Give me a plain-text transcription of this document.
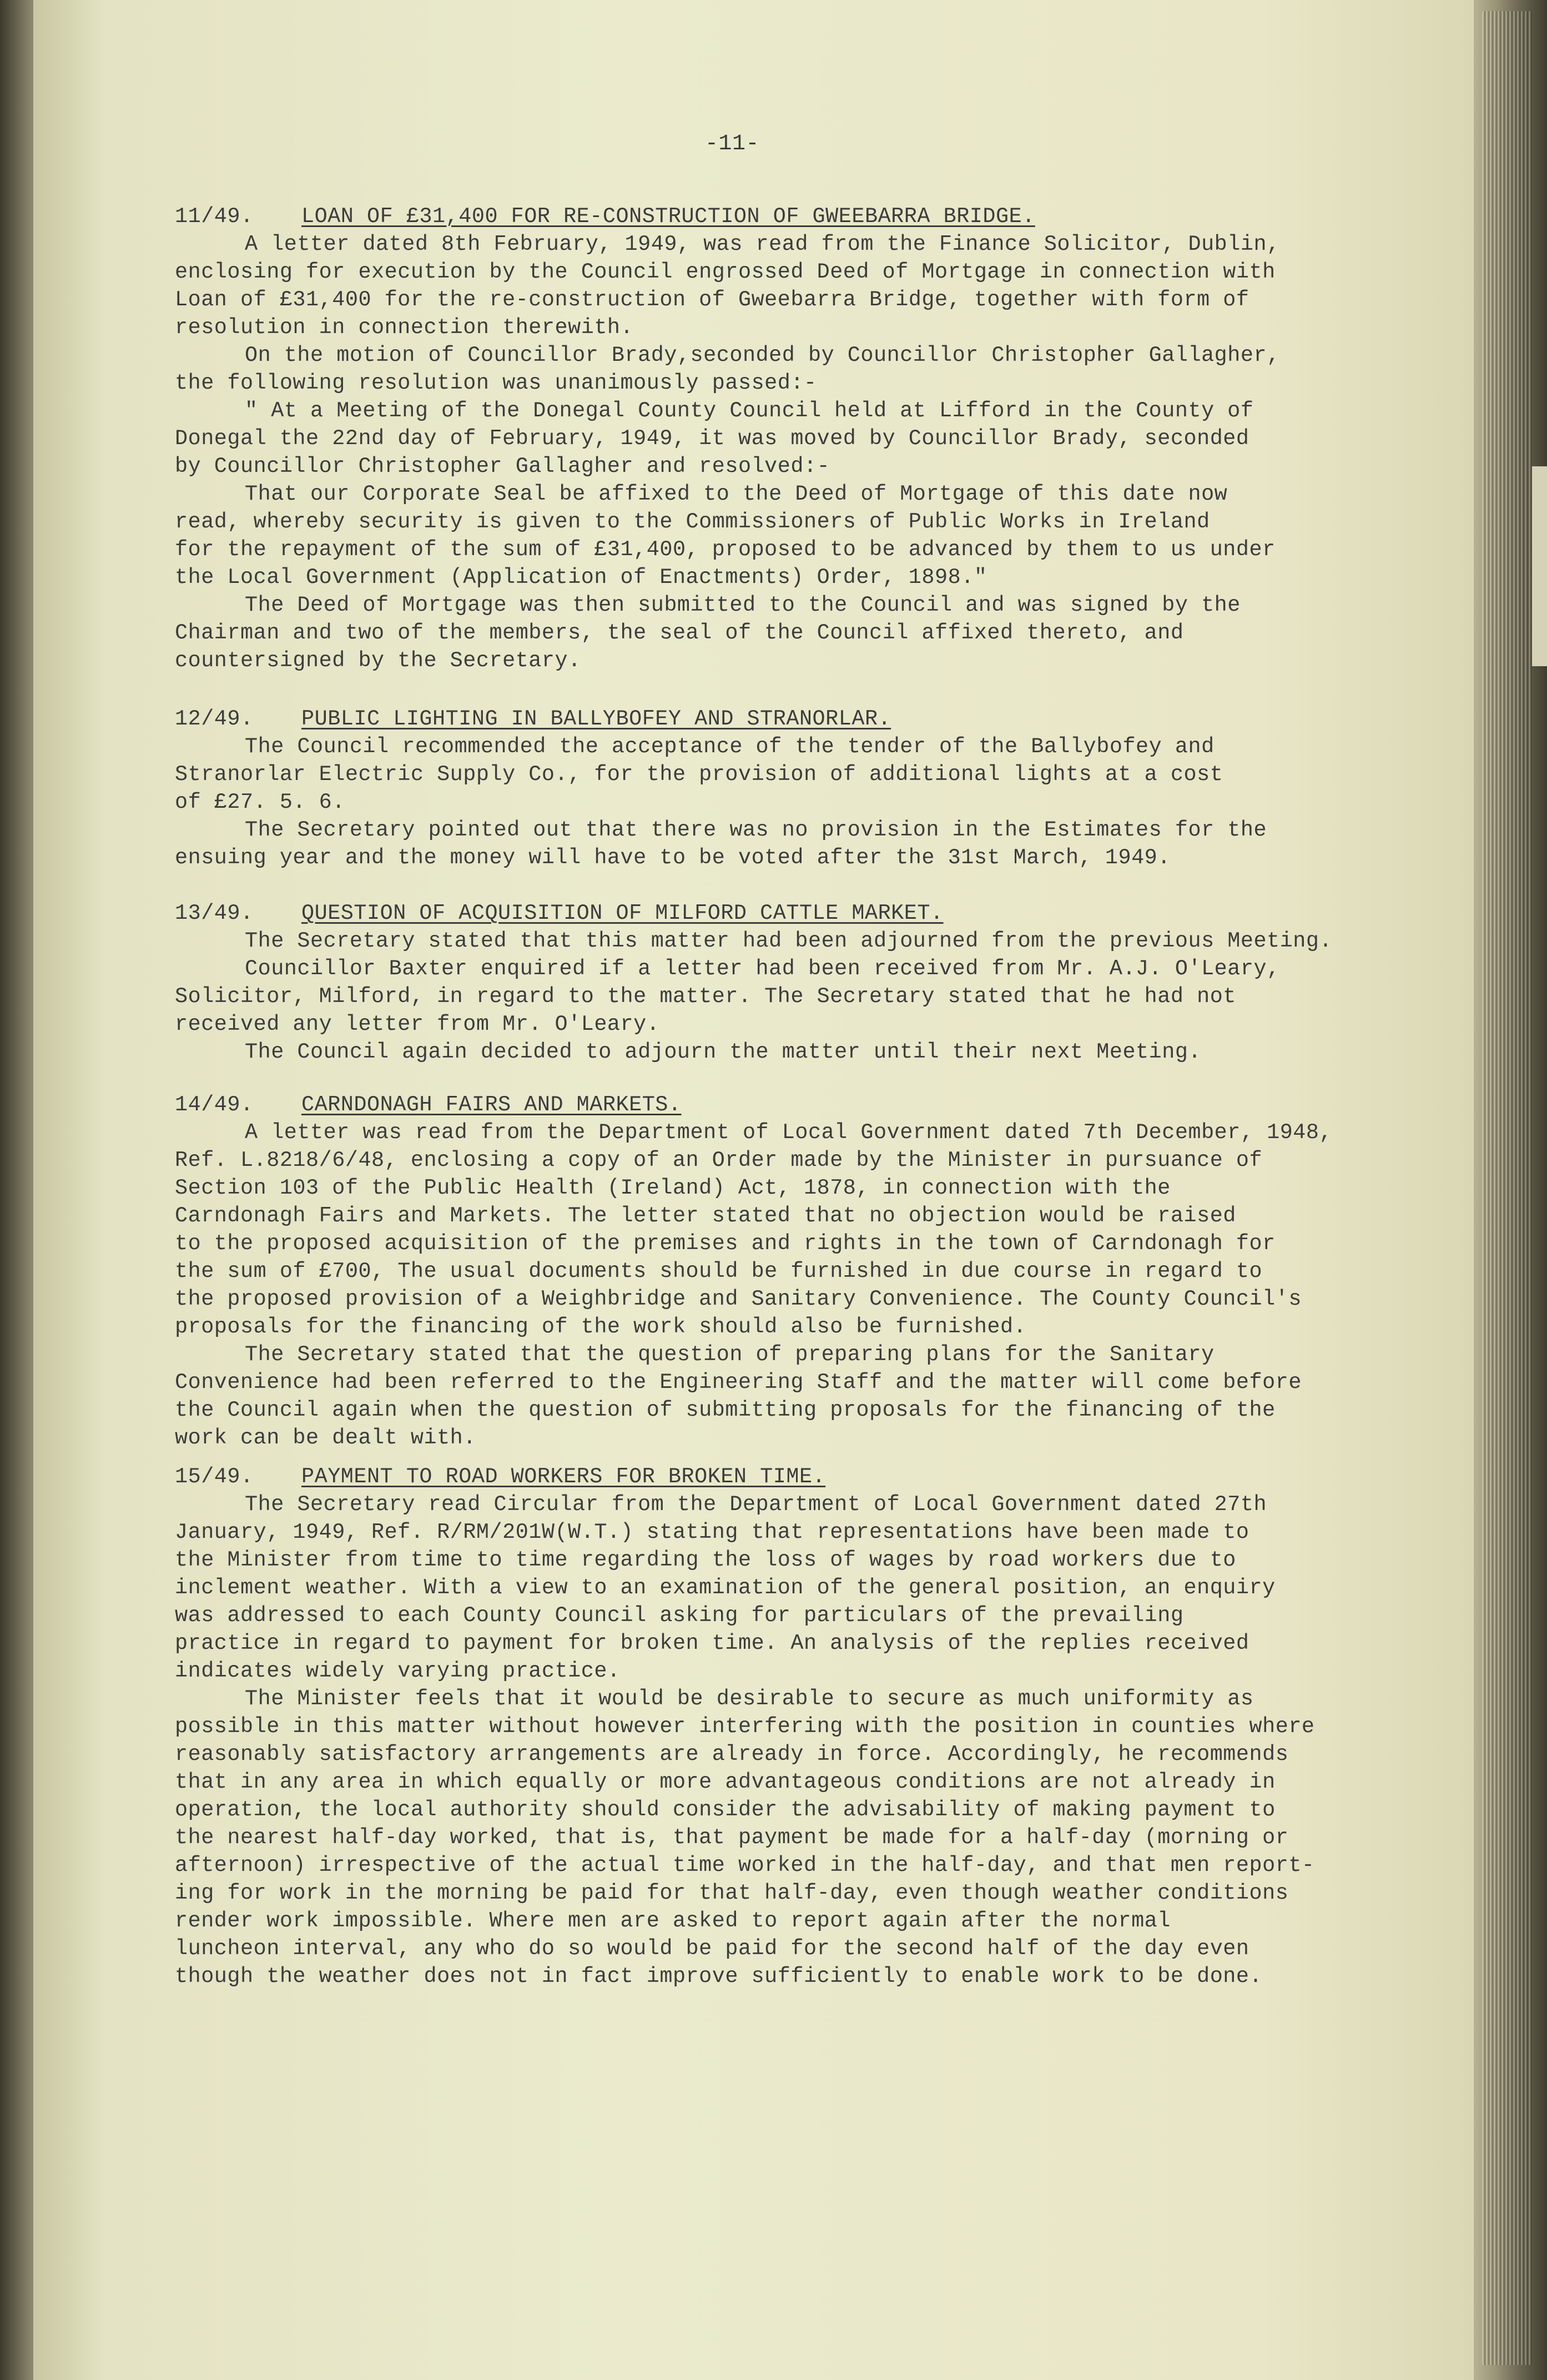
-11-
11/49. LOAN OF £31,400 FOR RE-CONSTRUCTION OF GWEEBARRA BRIDGE.

A letter dated 8th February, 1949, was read from the Finance Solicitor, Dublin,
enclosing for execution by the Council engrossed Deed of Mortgage in connection with
Loan of £31,400 for the re-construction of Gweebarra Bridge, together with form of
resolution in connection therewith.

On the motion of Councillor Brady,seconded by Councillor Christopher Gallagher,
the following resolution was unanimously passed:-

" At a Meeting of the Donegal County Council held at Lifford in the County of
Donegal the 22nd day of February, 1949, it was moved by Councillor Brady, seconded
by Councillor Christopher Gallagher and resolved:-

That our Corporate Seal be affixed to the Deed of Mortgage of this date now
read, whereby security is given to the Commissioners of Public Works in Ireland
for the repayment of the sum of £31,400, proposed to be advanced by them to us under
the Local Government (Application of Enactments) Order, 1898."

The Deed of Mortgage was then submitted to the Council and was signed by the
Chairman and two of the members, the seal of the Council affixed thereto, and
countersigned by the Secretary.

12/49. PUBLIC LIGHTING IN BALLYBOFEY AND STRANORLAR.

The Council recommended the acceptance of the tender of the Ballybofey and
Stranorlar Electric Supply Co., for the provision of additional lights at a cost
of £27. 5. 6.

The Secretary pointed out that there was no provision in the Estimates for the
ensuing year and the money will have to be voted after the 31st March, 1949.

13/49. QUESTION OF ACQUISITION OF MILFORD CATTLE MARKET.

The Secretary stated that this matter had been adjourned from the previous Meeting.

Councillor Baxter enquired if a letter had been received from Mr. A.J. O'Leary,
Solicitor, Milford, in regard to the matter. The Secretary stated that he had not
received any letter from Mr. O'Leary.

The Council again decided to adjourn the matter until their next Meeting.

14/49. CARNDONAGH FAIRS AND MARKETS.

A letter was read from the Department of Local Government dated 7th December, 1948,
Ref. L.8218/6/48, enclosing a copy of an Order made by the Minister in pursuance of
Section 103 of the Public Health (Ireland) Act, 1878, in connection with the
Carndonagh Fairs and Markets. The letter stated that no objection would be raised
to the proposed acquisition of the premises and rights in the town of Carndonagh for
the sum of £700, The usual documents should be furnished in due course in regard to
the proposed provision of a Weighbridge and Sanitary Convenience. The County Council's
proposals for the financing of the work should also be furnished.

The Secretary stated that the question of preparing plans for the Sanitary
Convenience had been referred to the Engineering Staff and the matter will come before
the Council again when the question of submitting proposals for the financing of the
work can be dealt with.

15/49. PAYMENT TO ROAD WORKERS FOR BROKEN TIME.

The Secretary read Circular from the Department of Local Government dated 27th
January, 1949, Ref. R/RM/201W(W.T.) stating that representations have been made to
the Minister from time to time regarding the loss of wages by road workers due to
inclement weather. With a view to an examination of the general position, an enquiry
was addressed to each County Council asking for particulars of the prevailing
practice in regard to payment for broken time. An analysis of the replies received
indicates widely varying practice.

The Minister feels that it would be desirable to secure as much uniformity as
possible in this matter without however interfering with the position in counties where
reasonably satisfactory arrangements are already in force. Accordingly, he recommends
that in any area in which equally or more advantageous conditions are not already in
operation, the local authority should consider the advisability of making payment to
the nearest half-day worked, that is, that payment be made for a half-day (morning or
afternoon) irrespective of the actual time worked in the half-day, and that men report-
ing for work in the morning be paid for that half-day, even though weather conditions
render work impossible. Where men are asked to report again after the normal
luncheon interval, any who do so would be paid for the second half of the day even
though the weather does not in fact improve sufficiently to enable work to be done.
